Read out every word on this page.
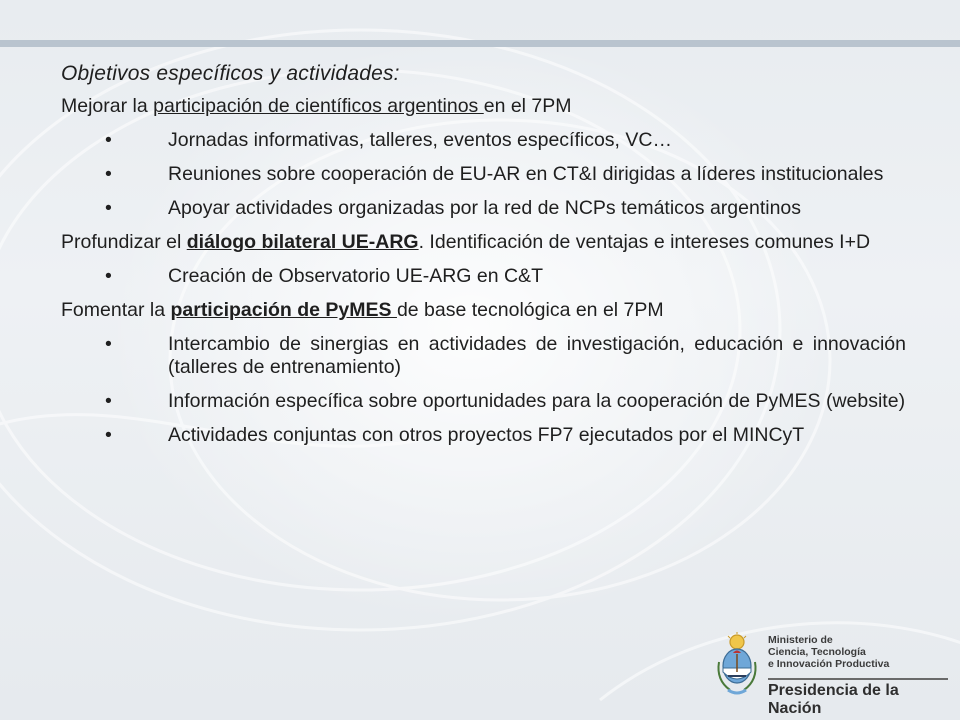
Objetivos específicos y actividades:
Mejorar la participación de científicos argentinos en el 7PM
•	Jornadas informativas, talleres, eventos específicos, VC…
•	Reuniones sobre cooperación de EU-AR en CT&I dirigidas a líderes institucionales
•	Apoyar actividades organizadas por la red de NCPs temáticos argentinos
Profundizar el diálogo bilateral UE-ARG. Identificación de ventajas e intereses comunes I+D
•	Creación de Observatorio UE-ARG en C&T
Fomentar la participación de PyMES de base tecnológica en el 7PM
•	Intercambio de sinergias en actividades de investigación, educación e innovación (talleres de entrenamiento)
•	Información específica sobre oportunidades para la cooperación de PyMES (website)
•	Actividades conjuntas con otros proyectos FP7 ejecutados por el MINCyT
Ministerio de
Ciencia, Tecnología
e Innovación Productiva
Presidencia de la Nación
